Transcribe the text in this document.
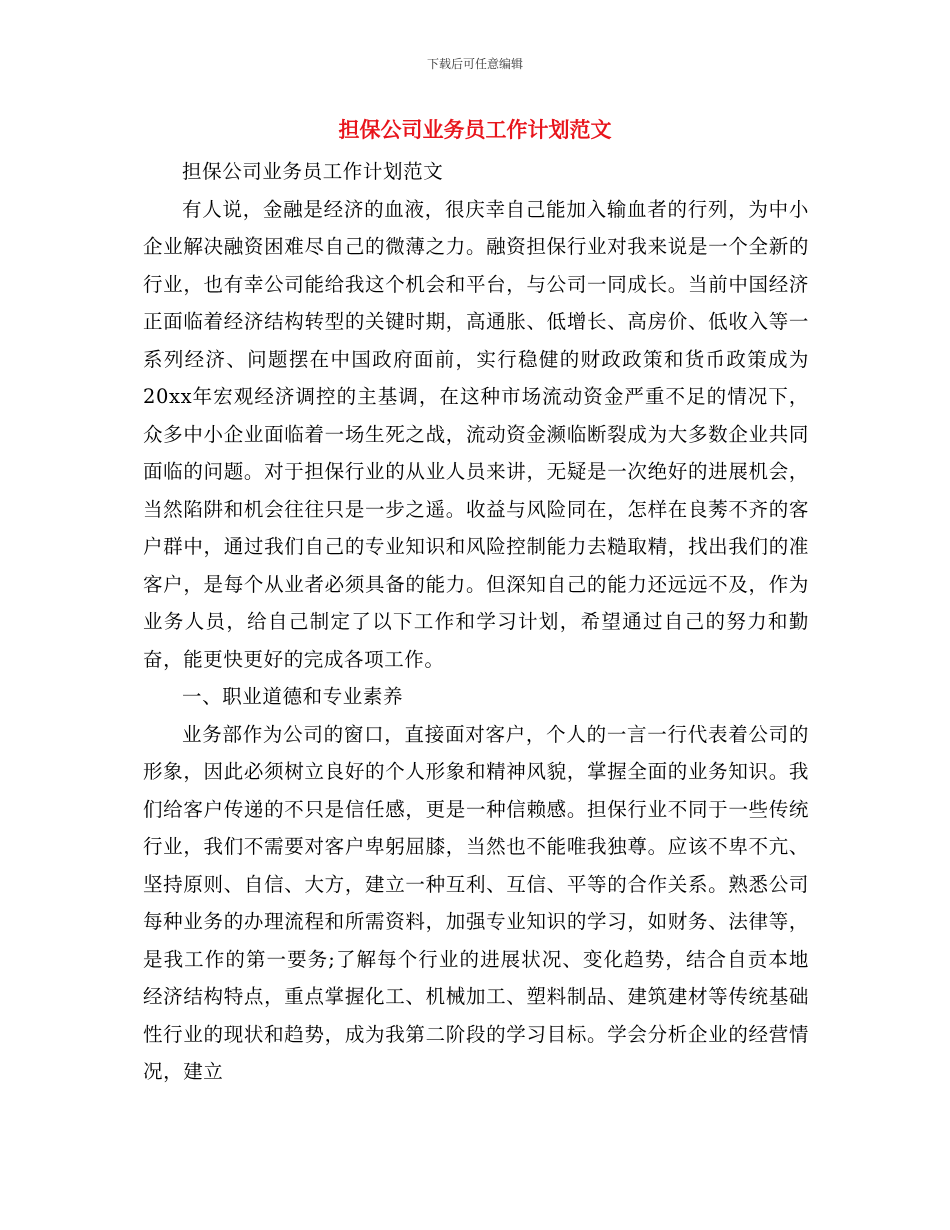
下载后可任意编辑
担保公司业务员工作计划范文

担保公司业务员工作计划范文

有人说，金融是经济的血液，很庆幸自己能加入输血者的行列，为中小企业解决融资困难尽自己的微薄之力。融资担保行业对我来说是一个全新的行业，也有幸公司能给我这个机会和平台，与公司一同成长。当前中国经济正面临着经济结构转型的关键时期，高通胀、低增长、高房价、低收入等一系列经济、问题摆在中国政府面前，实行稳健的财政政策和货币政策成为20xx年宏观经济调控的主基调，在这种市场流动资金严重不足的情况下，众多中小企业面临着一场生死之战，流动资金濒临断裂成为大多数企业共同面临的问题。对于担保行业的从业人员来讲，无疑是一次绝好的进展机会，当然陷阱和机会往往只是一步之遥。收益与风险同在，怎样在良莠不齐的客户群中，通过我们自己的专业知识和风险控制能力去糙取精，找出我们的准客户，是每个从业者必须具备的能力。但深知自己的能力还远远不及，作为业务人员，给自己制定了以下工作和学习计划，希望通过自己的努力和勤奋，能更快更好的完成各项工作。

一、职业道德和专业素养

业务部作为公司的窗口，直接面对客户，个人的一言一行代表着公司的形象，因此必须树立良好的个人形象和精神风貌，掌握全面的业务知识。我们给客户传递的不只是信任感，更是一种信赖感。担保行业不同于一些传统行业，我们不需要对客户卑躬屈膝，当然也不能唯我独尊。应该不卑不亢、坚持原则、自信、大方，建立一种互利、互信、平等的合作关系。熟悉公司每种业务的办理流程和所需资料，加强专业知识的学习，如财务、法律等，是我工作的第一要务;了解每个行业的进展状况、变化趋势，结合自贡本地经济结构特点，重点掌握化工、机械加工、塑料制品、建筑建材等传统基础性行业的现状和趋势，成为我第二阶段的学习目标。学会分析企业的经营情况，建立
